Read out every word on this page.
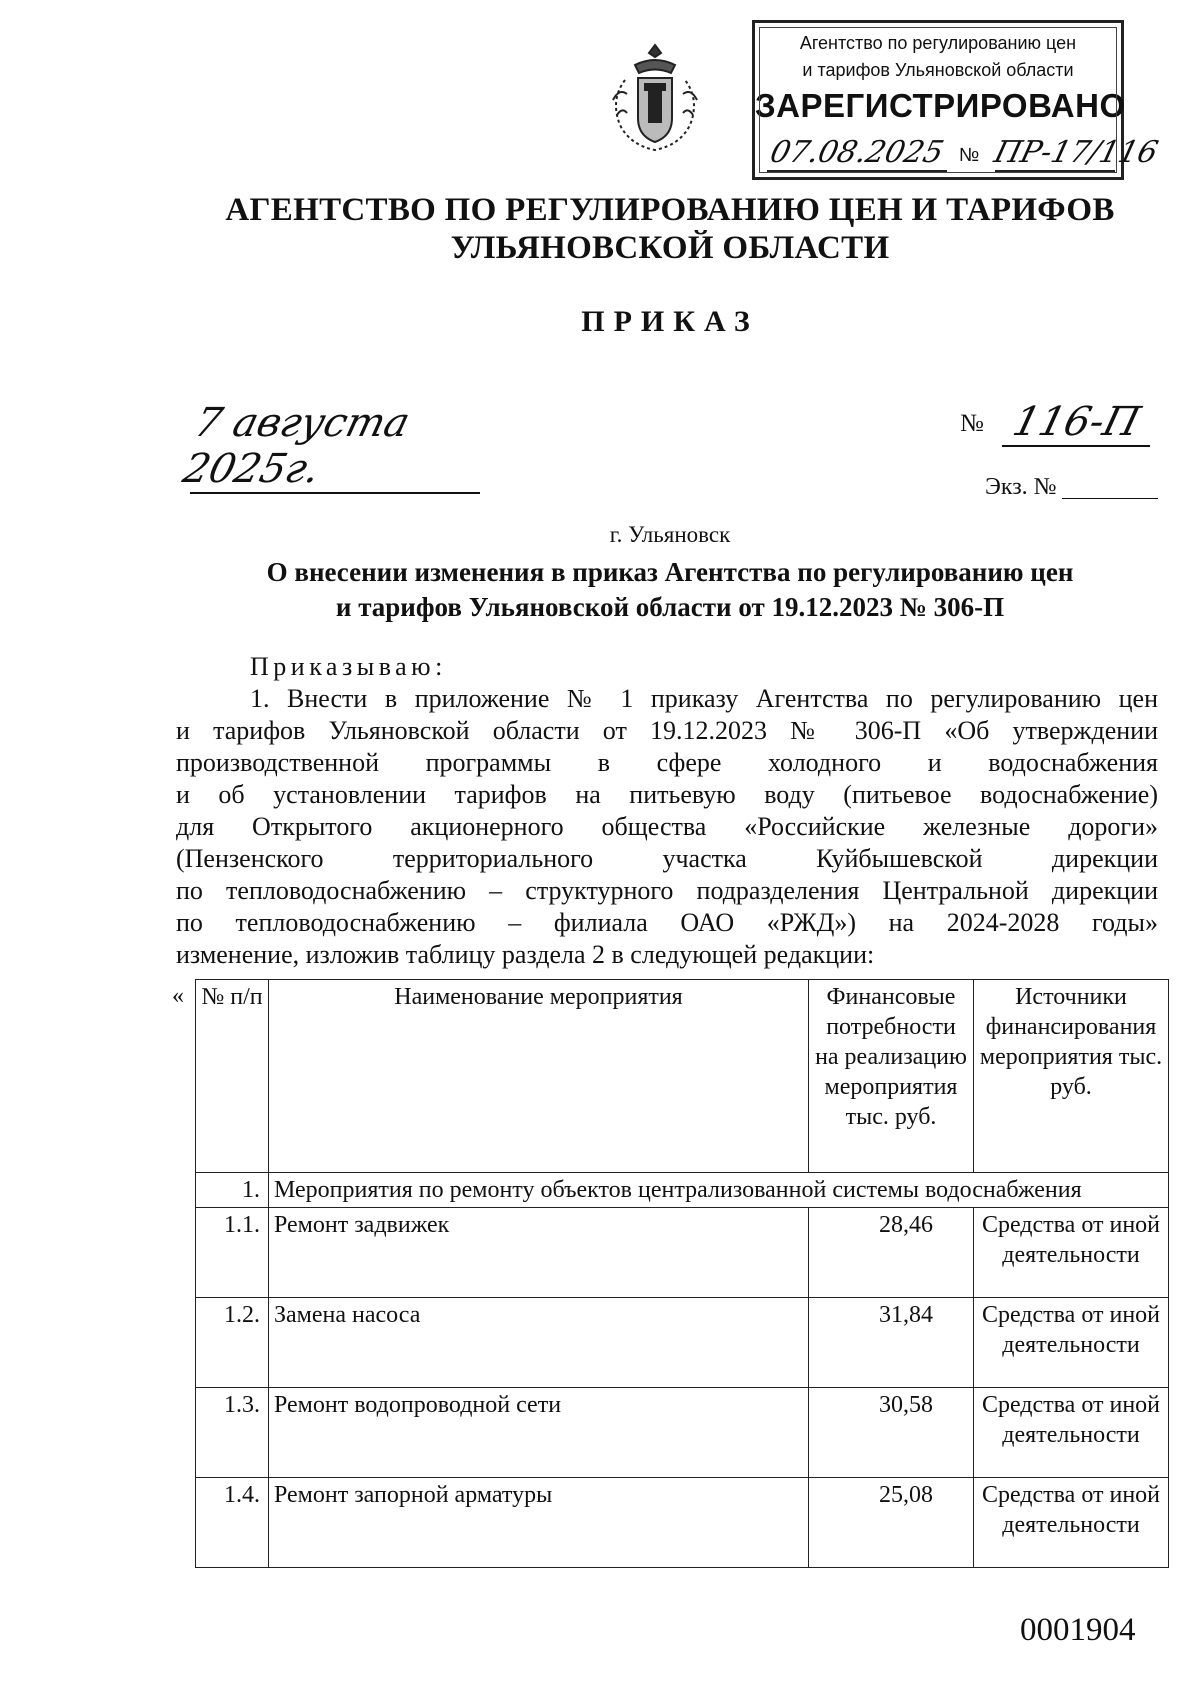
Агентство по регулированию цен
и тарифов Ульяновской области
ЗАРЕГИСТРИРОВАНО
07.08.2025 № ПР-17/116
АГЕНТСТВО ПО РЕГУЛИРОВАНИЮ ЦЕН И ТАРИФОВ
УЛЬЯНОВСКОЙ ОБЛАСТИ
ПРИКАЗ
7 августа 2025г.
№ 116-П
Экз. №
г. Ульяновск
О внесении изменения в приказ Агентства по регулированию цен
и тарифов Ульяновской области от 19.12.2023 № 306-П
Приказываю:
1. Внести в приложение № 1 приказу Агентства по регулированию цен
и тарифов Ульяновской области от 19.12.2023 № 306-П «Об утверждении
производственной программы в сфере холодного и водоснабжения
и об установлении тарифов на питьевую воду (питьевое водоснабжение)
для Открытого акционерного общества «Российские железные дороги»
(Пензенского территориального участка Куйбышевской дирекции
по тепловодоснабжению – структурного подразделения Центральной дирекции
по тепловодоснабжению – филиала ОАО «РЖД») на 2024-2028 годы»
изменение, изложив таблицу раздела 2 в следующей редакции:
« № п/п	Наименование мероприятия	Финансовые потребности на реализацию мероприятия тыс. руб.	Источники финансирования мероприятия тыс. руб.
1.	Мероприятия по ремонту объектов централизованной системы водоснабжения		
1.1.	Ремонт задвижек	28,46	Средства от иной деятельности
1.2.	Замена насоса	31,84	Средства от иной деятельности
1.3.	Ремонт водопроводной сети	30,58	Средства от иной деятельности
1.4.	Ремонт запорной арматуры	25,08	Средства от иной деятельности
0001904
